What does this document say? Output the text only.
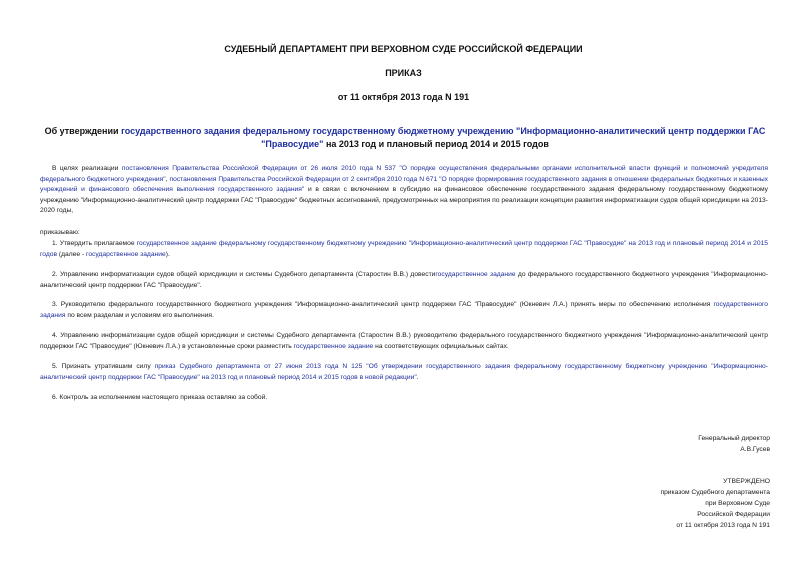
СУДЕБНЫЙ ДЕПАРТАМЕНТ ПРИ ВЕРХОВНОМ СУДЕ РОССИЙСКОЙ ФЕДЕРАЦИИ
ПРИКАЗ
от 11 октября 2013 года N 191
Об утверждении государственного задания федеральному государственному бюджетному учреждению "Информационно-аналитический центр поддержки ГАС "Правосудие" на 2013 год и плановый период 2014 и 2015 годов
В целях реализации постановления Правительства Российской Федерации от 26 июля 2010 года N 537 "О порядке осуществления федеральными органами исполнительной власти функций и полномочий учредителя федерального бюджетного учреждения", постановления Правительства Российской Федерации от 2 сентября 2010 года N 671 "О порядке формирования государственного задания в отношении федеральных бюджетных и казенных учреждений и финансового обеспечения выполнения государственного задания" и в связи с включением в субсидию на финансовое обеспечение государственного задания федеральному государственному бюджетному учреждению "Информационно-аналитический центр поддержки ГАС "Правосудие" бюджетных ассигнований, предусмотренных на мероприятия по реализации концепции развития информатизации судов общей юрисдикции на 2013-2020 годы,
приказываю:
1. Утвердить прилагаемое государственное задание федеральному государственному бюджетному учреждению "Информационно-аналитический центр поддержки ГАС "Правосудие" на 2013 год и плановый период 2014 и 2015 годов (далее - государственное задание).
2. Управлению информатизации судов общей юрисдикции и системы Судебного департамента (Старостин В.В.) довестигосударственное задание до федерального государственного бюджетного учреждения "Информационно-аналитический центр поддержки ГАС "Правосудие".
3. Руководителю федерального государственного бюджетного учреждения "Информационно-аналитический центр поддержки ГАС "Правосудие" (Юкневич Л.А.) принять меры по обеспечению исполнения государственного задания по всем разделам и условиям его выполнения.
4. Управлению информатизации судов общей юрисдикции и системы Судебного департамента (Старостин В.В.) руководителю федерального государственного бюджетного учреждения "Информационно-аналитический центр поддержки ГАС "Правосудие" (Юкневич Л.А.) в установленные сроки разместить государственное задание на соответствующих официальных сайтах.
5. Признать утратившим силу приказ Судебного департамента от 27 июня 2013 года N 125 "Об утверждении государственного задания федеральному государственному бюджетному учреждению "Информационно-аналитический центр поддержки ГАС "Правосудие" на 2013 год и плановый период 2014 и 2015 годов в новой редакции".
6. Контроль за исполнением настоящего приказа оставляю за собой.
Генеральный директор
А.В.Гусев
УТВЕРЖДЕНО
приказом Судебного департамента
при Верховном Суде
Российской Федерации
от 11 октября 2013 года N 191
